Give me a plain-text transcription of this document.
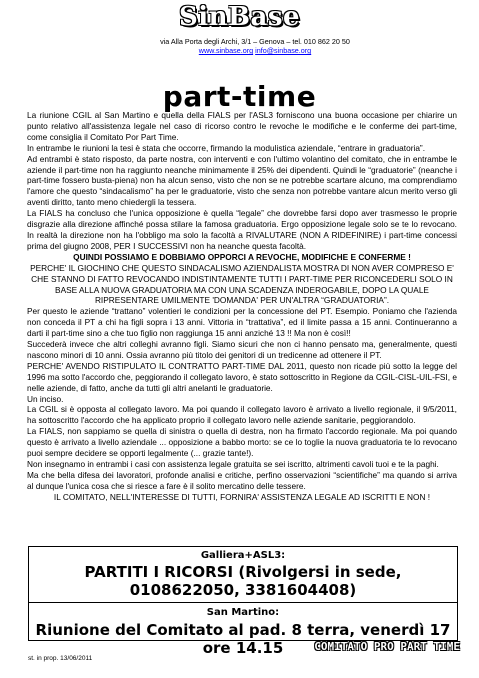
SinBase
via Alla Porta degli Archi, 3/1 – Genova – tel. 010 862 20 50
www.sinbase.org info@sinbase.org
part-time

La riunione CGIL al San Martino e quella della FIALS per l'ASL3 forniscono una buona occasione per chiarire un punto relativo all'assistenza legale nel caso di ricorso contro le revoche le modifiche e le conferme dei part-time, come consiglia il Comitato Por Part Time.

In entrambe le riunioni la tesi è stata che occorre, firmando la modulistica aziendale, “entrare in graduatoria”.

Ad entrambi è stato risposto, da parte nostra, con interventi e con l'ultimo volantino del comitato, che in entrambe le aziende il part-time non ha raggiunto neanche minimamente il 25% dei dipendenti. Quindi le “graduatorie” (neanche i part-time fossero busta-piena) non ha alcun senso, visto che non se ne potrebbe scartare alcuno, ma comprendiamo l'amore che questo “sindacalismo” ha per le graduatorie, visto che senza non potrebbe vantare alcun merito verso gli aventi diritto, tanto meno chiedergli la tessera.

La FIALS ha concluso che l'unica opposizione è quella “legale” che dovrebbe farsi dopo aver trasmesso le proprie disgrazie alla direzione affinché possa stilare la famosa graduatoria. Ergo opposizione legale solo se te lo revocano. In realtà la direzione non ha l'obbligo ma solo la facoltà a RIVALUTARE (NON A RIDEFINIRE) i part-time concessi prima del giugno 2008, PER I SUCCESSIVI non ha neanche questa facoltà.

QUINDI POSSIAMO E DOBBIAMO OPPORCI A REVOCHE, MODIFICHE E CONFERME !

PERCHE' IL GIOCHINO CHE QUESTO SINDACALISMO AZIENDALISTA MOSTRA DI NON AVER COMPRESO E' CHE STANNO DI FATTO REVOCANDO INDISTINTAMENTE TUTTI I PART-TIME PER RICONCEDERLI SOLO IN BASE ALLA NUOVA GRADUATORIA MA CON UNA SCADENZA INDEROGABILE, DOPO LA QUALE RIPRESENTARE UMILMENTE 'DOMANDA' PER UN'ALTRA “GRADUATORIA”.

Per questo le aziende “trattano” volentieri le condizioni per la concessione del PT. Esempio. Poniamo che l'azienda non conceda il PT a chi ha figli sopra i 13 anni. Vittoria in “trattativa”, ed il limite passa a 15 anni. Continueranno a darti il part-time sino a che tuo figlio non raggiunga 15 anni anziché 13 !! Ma non è così!!

Succederà invece che altri colleghi avranno figli. Siamo sicuri che non ci hanno pensato ma, generalmente, questi nascono minori di 10 anni. Ossia avranno più titolo dei genitori di un tredicenne ad ottenere il PT.

PERCHE' AVENDO RISTIPULATO IL CONTRATTO PART-TIME DAL 2011, questo non ricade più sotto la legge del 1996 ma sotto l'accordo che, peggiorando il collegato lavoro, è stato sottoscritto in Regione da CGIL-CISL-UIL-FSI, e nelle aziende, di fatto, anche da tutti gli altri anelanti le graduatorie.

Un inciso.

La CGIL si è opposta al collegato lavoro. Ma poi quando il collegato lavoro è arrivato a livello regionale, il 9/5/2011, ha sottoscritto l'accordo che ha applicato proprio il collegato lavoro nelle aziende sanitarie, peggiorandolo.

La FIALS, non sappiamo se quella di sinistra o quella di destra, non ha firmato l'accordo regionale. Ma poi quando questo è arrivato a livello aziendale ... opposizione a babbo morto: se ce lo toglie la nuova graduatoria te lo revocano puoi sempre decidere se opporti legalmente (... grazie tante!).

Non insegnamo in entrambi i casi con assistenza legale gratuita se sei iscritto, altrimenti cavoli tuoi e te la paghi.

Ma che bella difesa dei lavoratori, profonde analisi e critiche, perfino osservazioni “scientifiche” ma quando si arriva al dunque l'unica cosa che si riesce a fare è il solito mercatino delle tessere.

IL COMITATO, NELL'INTERESSE DI TUTTI, FORNIRA' ASSISTENZA LEGALE AD ISCRITTI E NON !

Galliera+ASL3:
PARTITI I RICORSI (Rivolgersi in sede, 0108622050, 3381604408)
San Martino:
Riunione del Comitato al pad. 8 terra, venerdì 17 ore 14.15	COMITATO PRO PART TIME
st. in prop. 13/06/2011
